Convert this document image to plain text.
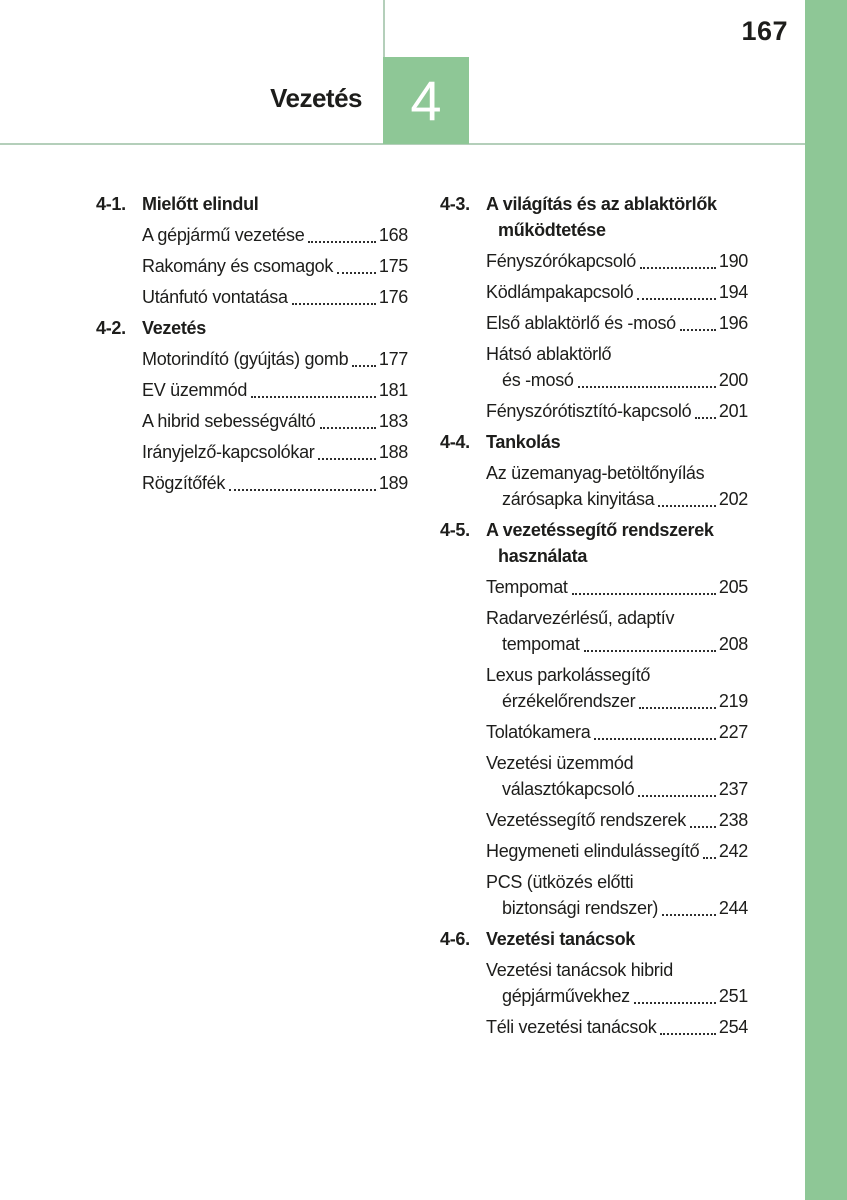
167
Vezetés 4
4-1. Mielőtt elindul
A gépjármű vezetése	168
Rakomány és csomagok	175
Utánfutó vontatása	176
4-2. Vezetés
Motorindító (gyújtás) gomb 177
EV üzemmód	181
A hibrid sebességváltó	183
Irányjelző-kapcsolókar	188
Rögzítőfék	189
4-3. A világítás és az ablaktörlők
működtetése
Fényszórókapcsoló	190
Ködlámpakapcsoló	194
Első ablaktörlő és -mosó 196
Hátsó ablaktörlő
és -mosó	200
Fényszórótisztító-kapcsoló 201
4-4. Tankolás
Az üzemanyag-betöltőnyílás
zárósapka kinyitása	202
4-5. A vezetéssegítő rendszerek
használata
Tempomat	205
Radarvezérlésű, adaptív
tempomat	208
Lexus parkolássegítő
érzékelőrendszer	219
Tolatókamera	227
Vezetési üzemmód
választókapcsoló	237
Vezetéssegítő rendszerek 238
Hegymeneti elindulássegítő 242
PCS (ütközés előtti
biztonsági rendszer)	244
4-6. Vezetési tanácsok
Vezetési tanácsok hibrid
gépjárművekhez	251
Téli vezetési tanácsok	254
